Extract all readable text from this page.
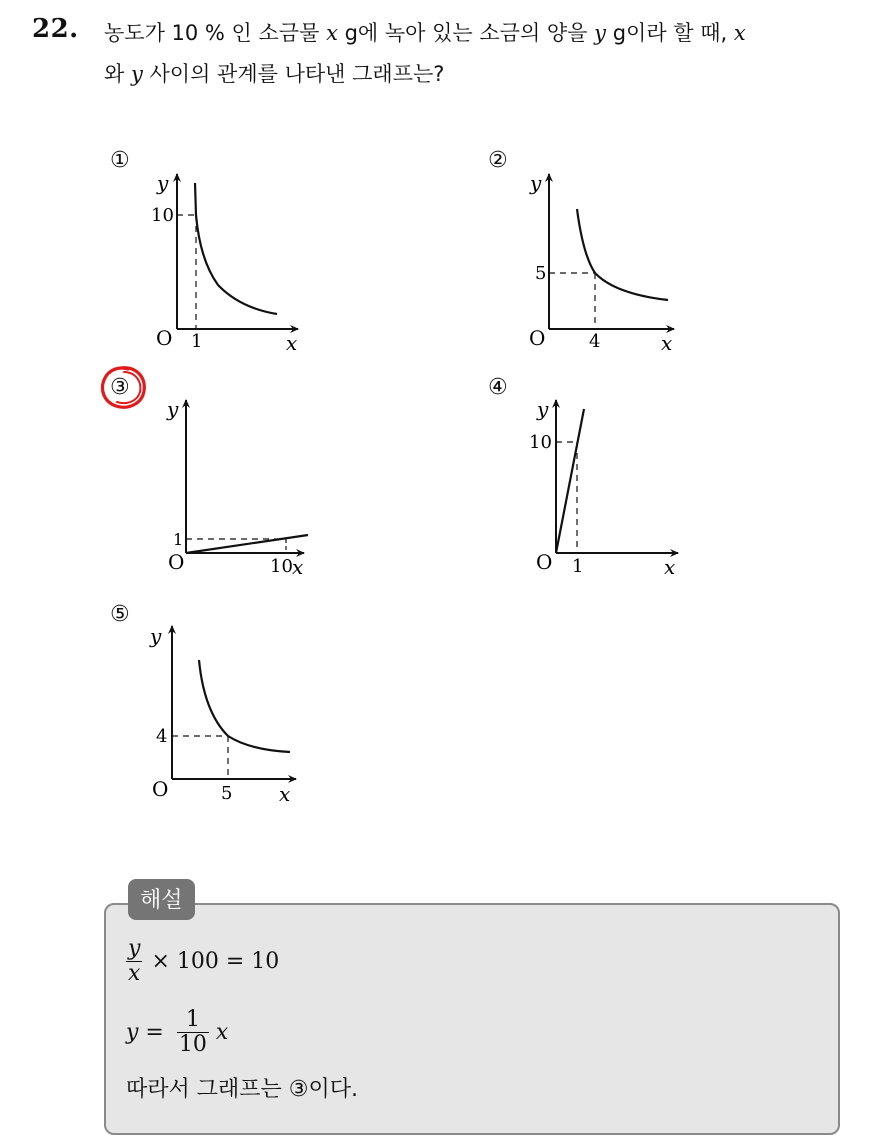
22. 농도가 10 % 인 소금물 x g에 녹아 있는 소금의 양을 y g이라 할 때, x
와 y 사이의 관계를 나타낸 그래프는?
①	②
③	④
⑤
10
1
O	x
y
5
4
O	x
y
1
10
O	x
y
10
1
O	x
y
4
5
O	x
y
해설
$\frac{y}{x} \times 100 = 10$
$y = \frac{1}{10}$ x
따라서 그래프는 ③이다.
